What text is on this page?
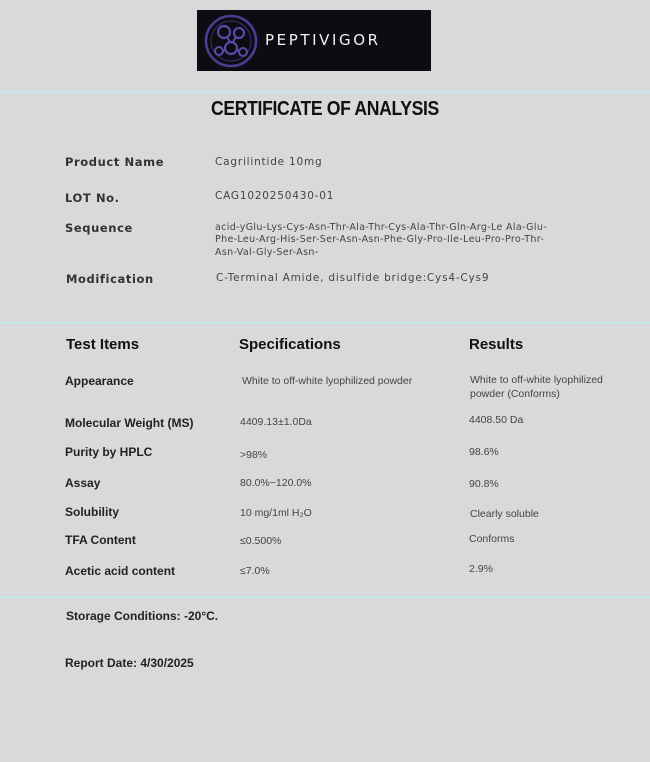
PEPTIVIGOR
CERTIFICATE OF ANALYSIS
Product Name	Cagrilintide 10mg
LOT No.	CAG1020250430-01
Sequence	acid-yGlu-Lys-Cys-Asn-Thr-Ala-Thr-Cys-Ala-Thr-Gln-Arg-Le Ala-Glu-
Phe-Leu-Arg-His-Ser-Ser-Asn-Asn-Phe-Gly-Pro-Ile-Leu-Pro-Pro-Thr-
Asn-Val-Gly-Ser-Asn-
Modification	C-Terminal Amide, disulfide bridge:Cys4-Cys9
Test Items	Specifications	Results
Appearance	White to off-white lyophilized powder	White to off-white lyophilized powder (Conforms)
Molecular Weight (MS)	4409.13±1.0Da	4408.50 Da
Purity by HPLC	>98%	98.6%
Assay	80.0%~120.0%	90.8%
Solubility	10 mg/1ml H₂O	Clearly soluble
TFA Content	≤0.500%	Conforms
Acetic acid content	≤7.0%	2.9%
Storage Conditions: -20°C.
Report Date: 4/30/2025
